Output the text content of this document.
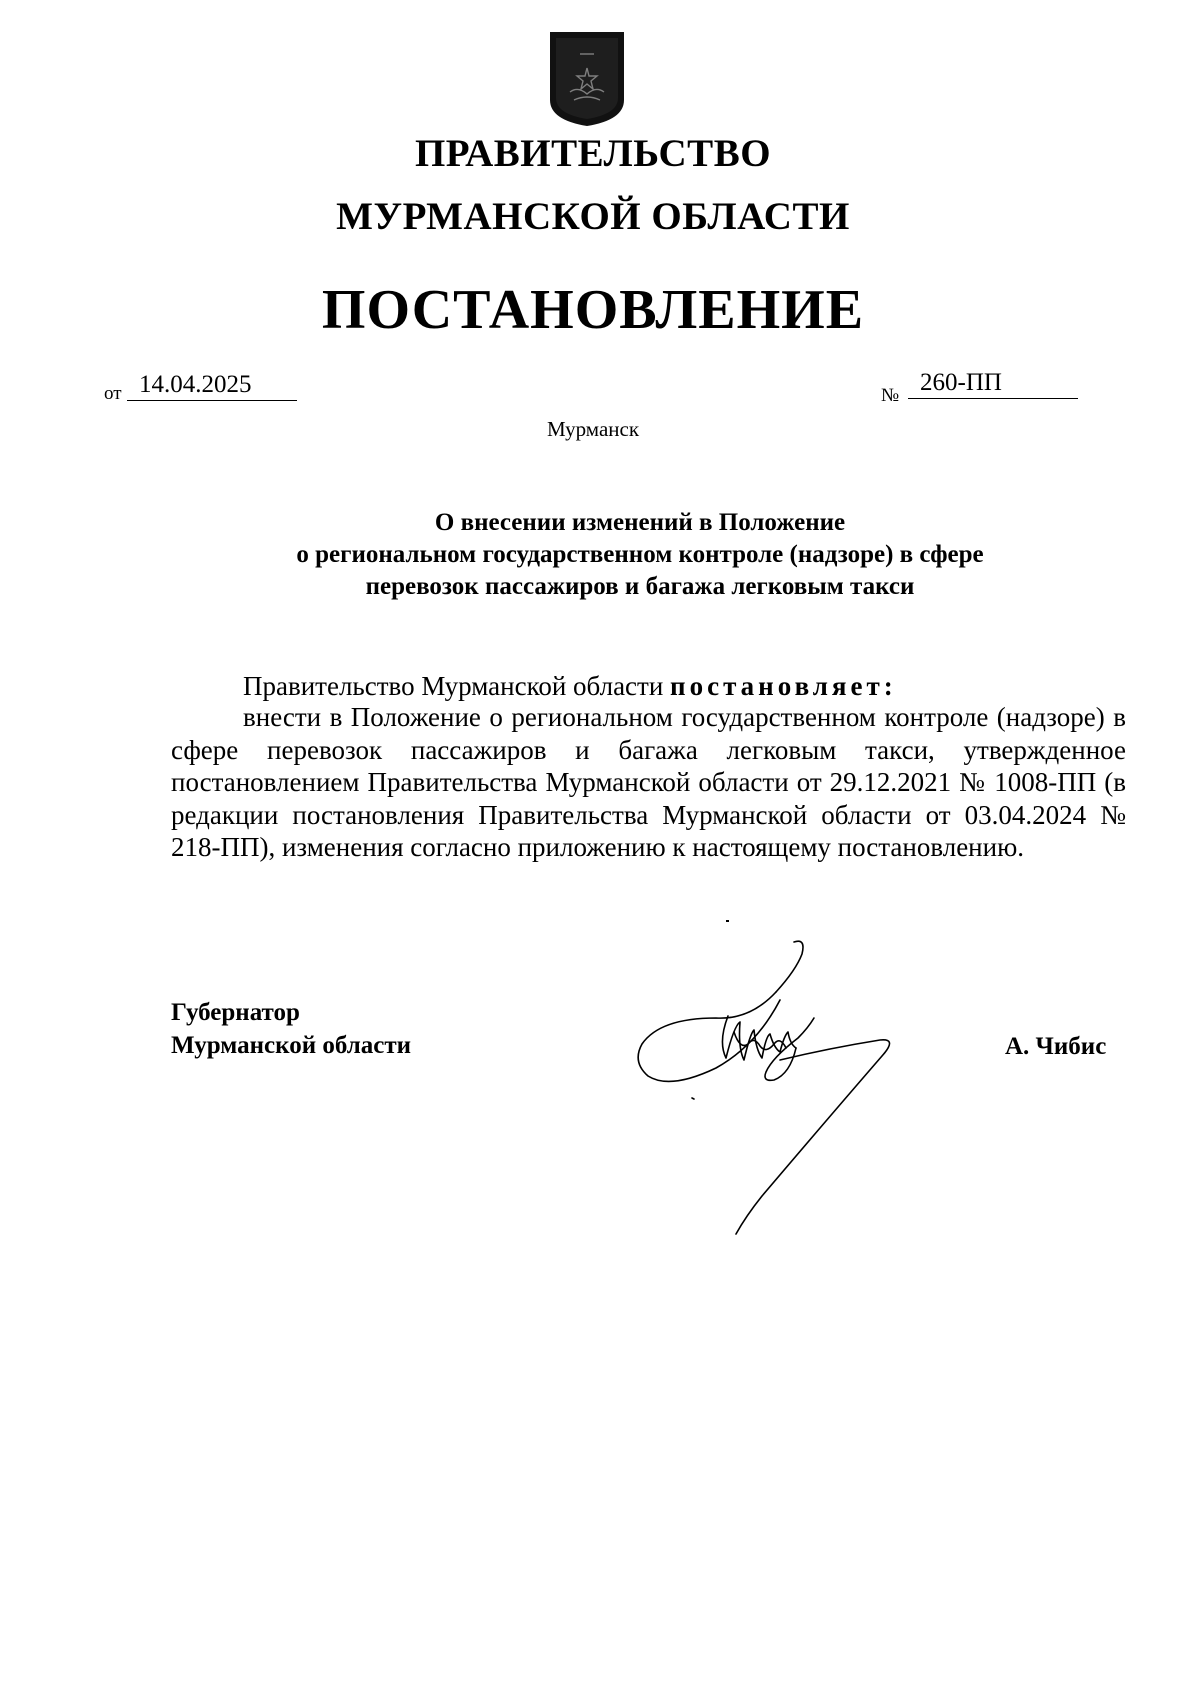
ПРАВИТЕЛЬСТВО
МУРМАНСКОЙ ОБЛАСТИ
ПОСТАНОВЛЕНИЕ
от 14.04.2025	№ 260-ПП
Мурманск
О внесении изменений в Положение
о региональном государственном контроле (надзоре) в сфере
перевозок пассажиров и багажа легковым такси
Правительство Мурманской области постановляет:
внести в Положение о региональном государственном контроле (надзоре) в сфере перевозок пассажиров и багажа легковым такси, утвержденное постановлением Правительства Мурманской области от 29.12.2021 № 1008-ПП (в редакции постановления Правительства Мурманской области от 03.04.2024 № 218-ПП), изменения согласно приложению к настоящему постановлению.
Губернатор
Мурманской области	А. Чибис
